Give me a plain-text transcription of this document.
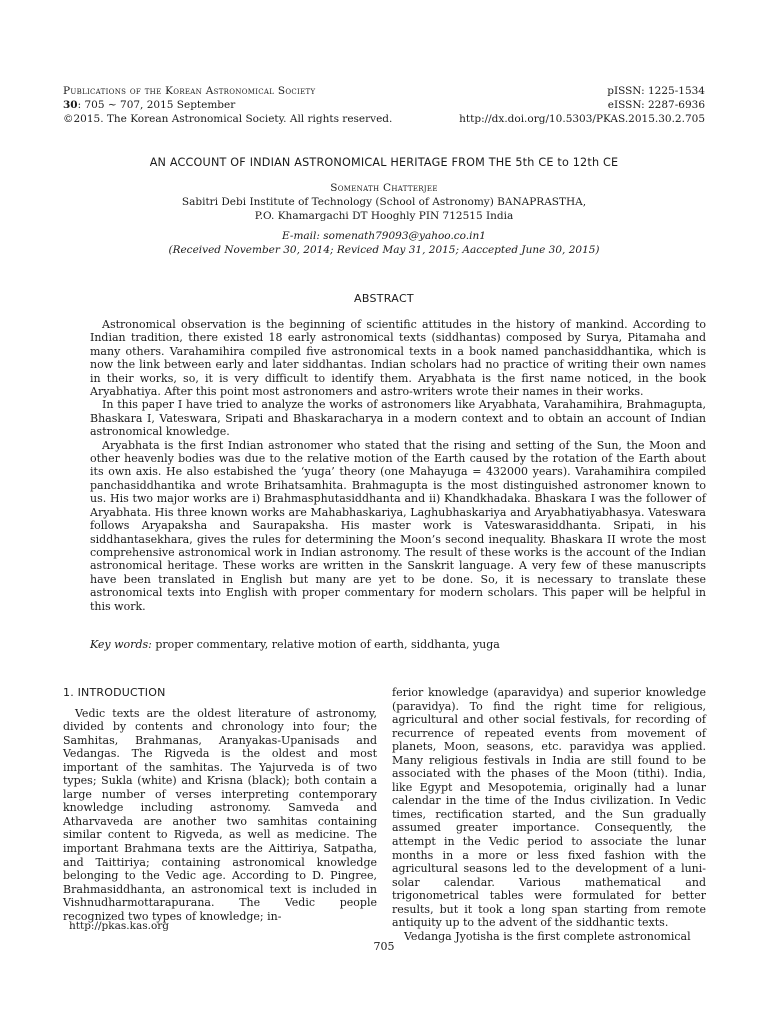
Publications of the Korean Astronomical Society
30: 705 ∼ 707, 2015 September
©2015. The Korean Astronomical Society. All rights reserved.
pISSN: 1225-1534
eISSN: 2287-6936
http://dx.doi.org/10.5303/PKAS.2015.30.2.705
AN ACCOUNT OF INDIAN ASTRONOMICAL HERITAGE FROM THE 5th CE to 12th CE
Somenath Chatterjee
Sabitri Debi Institute of Technology (School of Astronomy) BANAPRASTHA,
P.O. Khamargachi DT Hooghly PIN 712515 India
E-mail: somenath79093@yahoo.co.in1
(Received November 30, 2014; Reviced May 31, 2015; Aaccepted June 30, 2015)
ABSTRACT

Astronomical observation is the beginning of scientific attitudes in the history of mankind. According to Indian tradition, there existed 18 early astronomical texts (siddhantas) composed by Surya, Pitamaha and many others. Varahamihira compiled five astronomical texts in a book named panchasiddhantika, which is now the link between early and later siddhantas. Indian scholars had no practice of writing their own names in their works, so, it is very difficult to identify them. Aryabhata is the first name noticed, in the book Aryabhatiya. After this point most astronomers and astro-writers wrote their names in their works.

In this paper I have tried to analyze the works of astronomers like Aryabhata, Varahamihira, Brahmagupta, Bhaskara I, Vateswara, Sripati and Bhaskaracharya in a modern context and to obtain an account of Indian astronomical knowledge.

Aryabhata is the first Indian astronomer who stated that the rising and setting of the Sun, the Moon and other heavenly bodies was due to the relative motion of the Earth caused by the rotation of the Earth about its own axis. He also estabished the ‘yuga’ theory (one Mahayuga = 432000 years). Varahamihira compiled panchasiddhantika and wrote Brihatsamhita. Brahmagupta is the most distinguished astronomer known to us. His two major works are i) Brahmasphutasiddhanta and ii) Khandkhadaka. Bhaskara I was the follower of Aryabhata. His three known works are Mahabhaskariya, Laghubhaskariya and Aryabhatiyabhasya. Vateswara follows Aryapaksha and Saurapaksha. His master work is Vateswarasiddhanta. Sripati, in his siddhantasekhara, gives the rules for determining the Moon’s second inequality. Bhaskara II wrote the most comprehensive astronomical work in Indian astronomy. The result of these works is the account of the Indian astronomical heritage. These works are written in the Sanskrit language. A very few of these manuscripts have been translated in English but many are yet to be done. So, it is necessary to translate these astronomical texts into English with proper commentary for modern scholars. This paper will be helpful in this work.

Key words: proper commentary, relative motion of earth, siddhanta, yuga

1. INTRODUCTION

Vedic texts are the oldest literature of astronomy, divided by contents and chronology into four; the Samhitas, Brahmanas, Aranyakas-Upanisads and Vedangas. The Rigveda is the oldest and most important of the samhitas. The Yajurveda is of two types; Sukla (white) and Krisna (black); both contain a large number of verses interpreting contemporary knowledge including astronomy. Samveda and Atharvaveda are another two samhitas containing similar content to Rigveda, as well as medicine. The important Brahmana texts are the Aittiriya, Satpatha, and Taittiriya; containing astronomical knowledge belonging to the Vedic age. According to D. Pingree, Brahmasiddhanta, an astronomical text is included in Vishnudharmottarapurana. The Vedic people recognized two types of knowledge; in-

ferior knowledge (aparavidya) and superior knowledge (paravidya). To find the right time for religious, agricultural and other social festivals, for recording of recurrence of repeated events from movement of planets, Moon, seasons, etc. paravidya was applied. Many religious festivals in India are still found to be associated with the phases of the Moon (tithi). India, like Egypt and Mesopotemia, originally had a lunar calendar in the time of the Indus civilization. In Vedic times, rectification started, and the Sun gradually assumed greater importance. Consequently, the attempt in the Vedic period to associate the lunar months in a more or less fixed fashion with the agricultural seasons led to the development of a luni-solar calendar. Various mathematical and trigonometrical tables were formulated for better results, but it took a long span starting from remote antiquity up to the advent of the siddhantic texts.

Vedanga Jyotisha is the first complete astronomical

http://pkas.kas.org
705
